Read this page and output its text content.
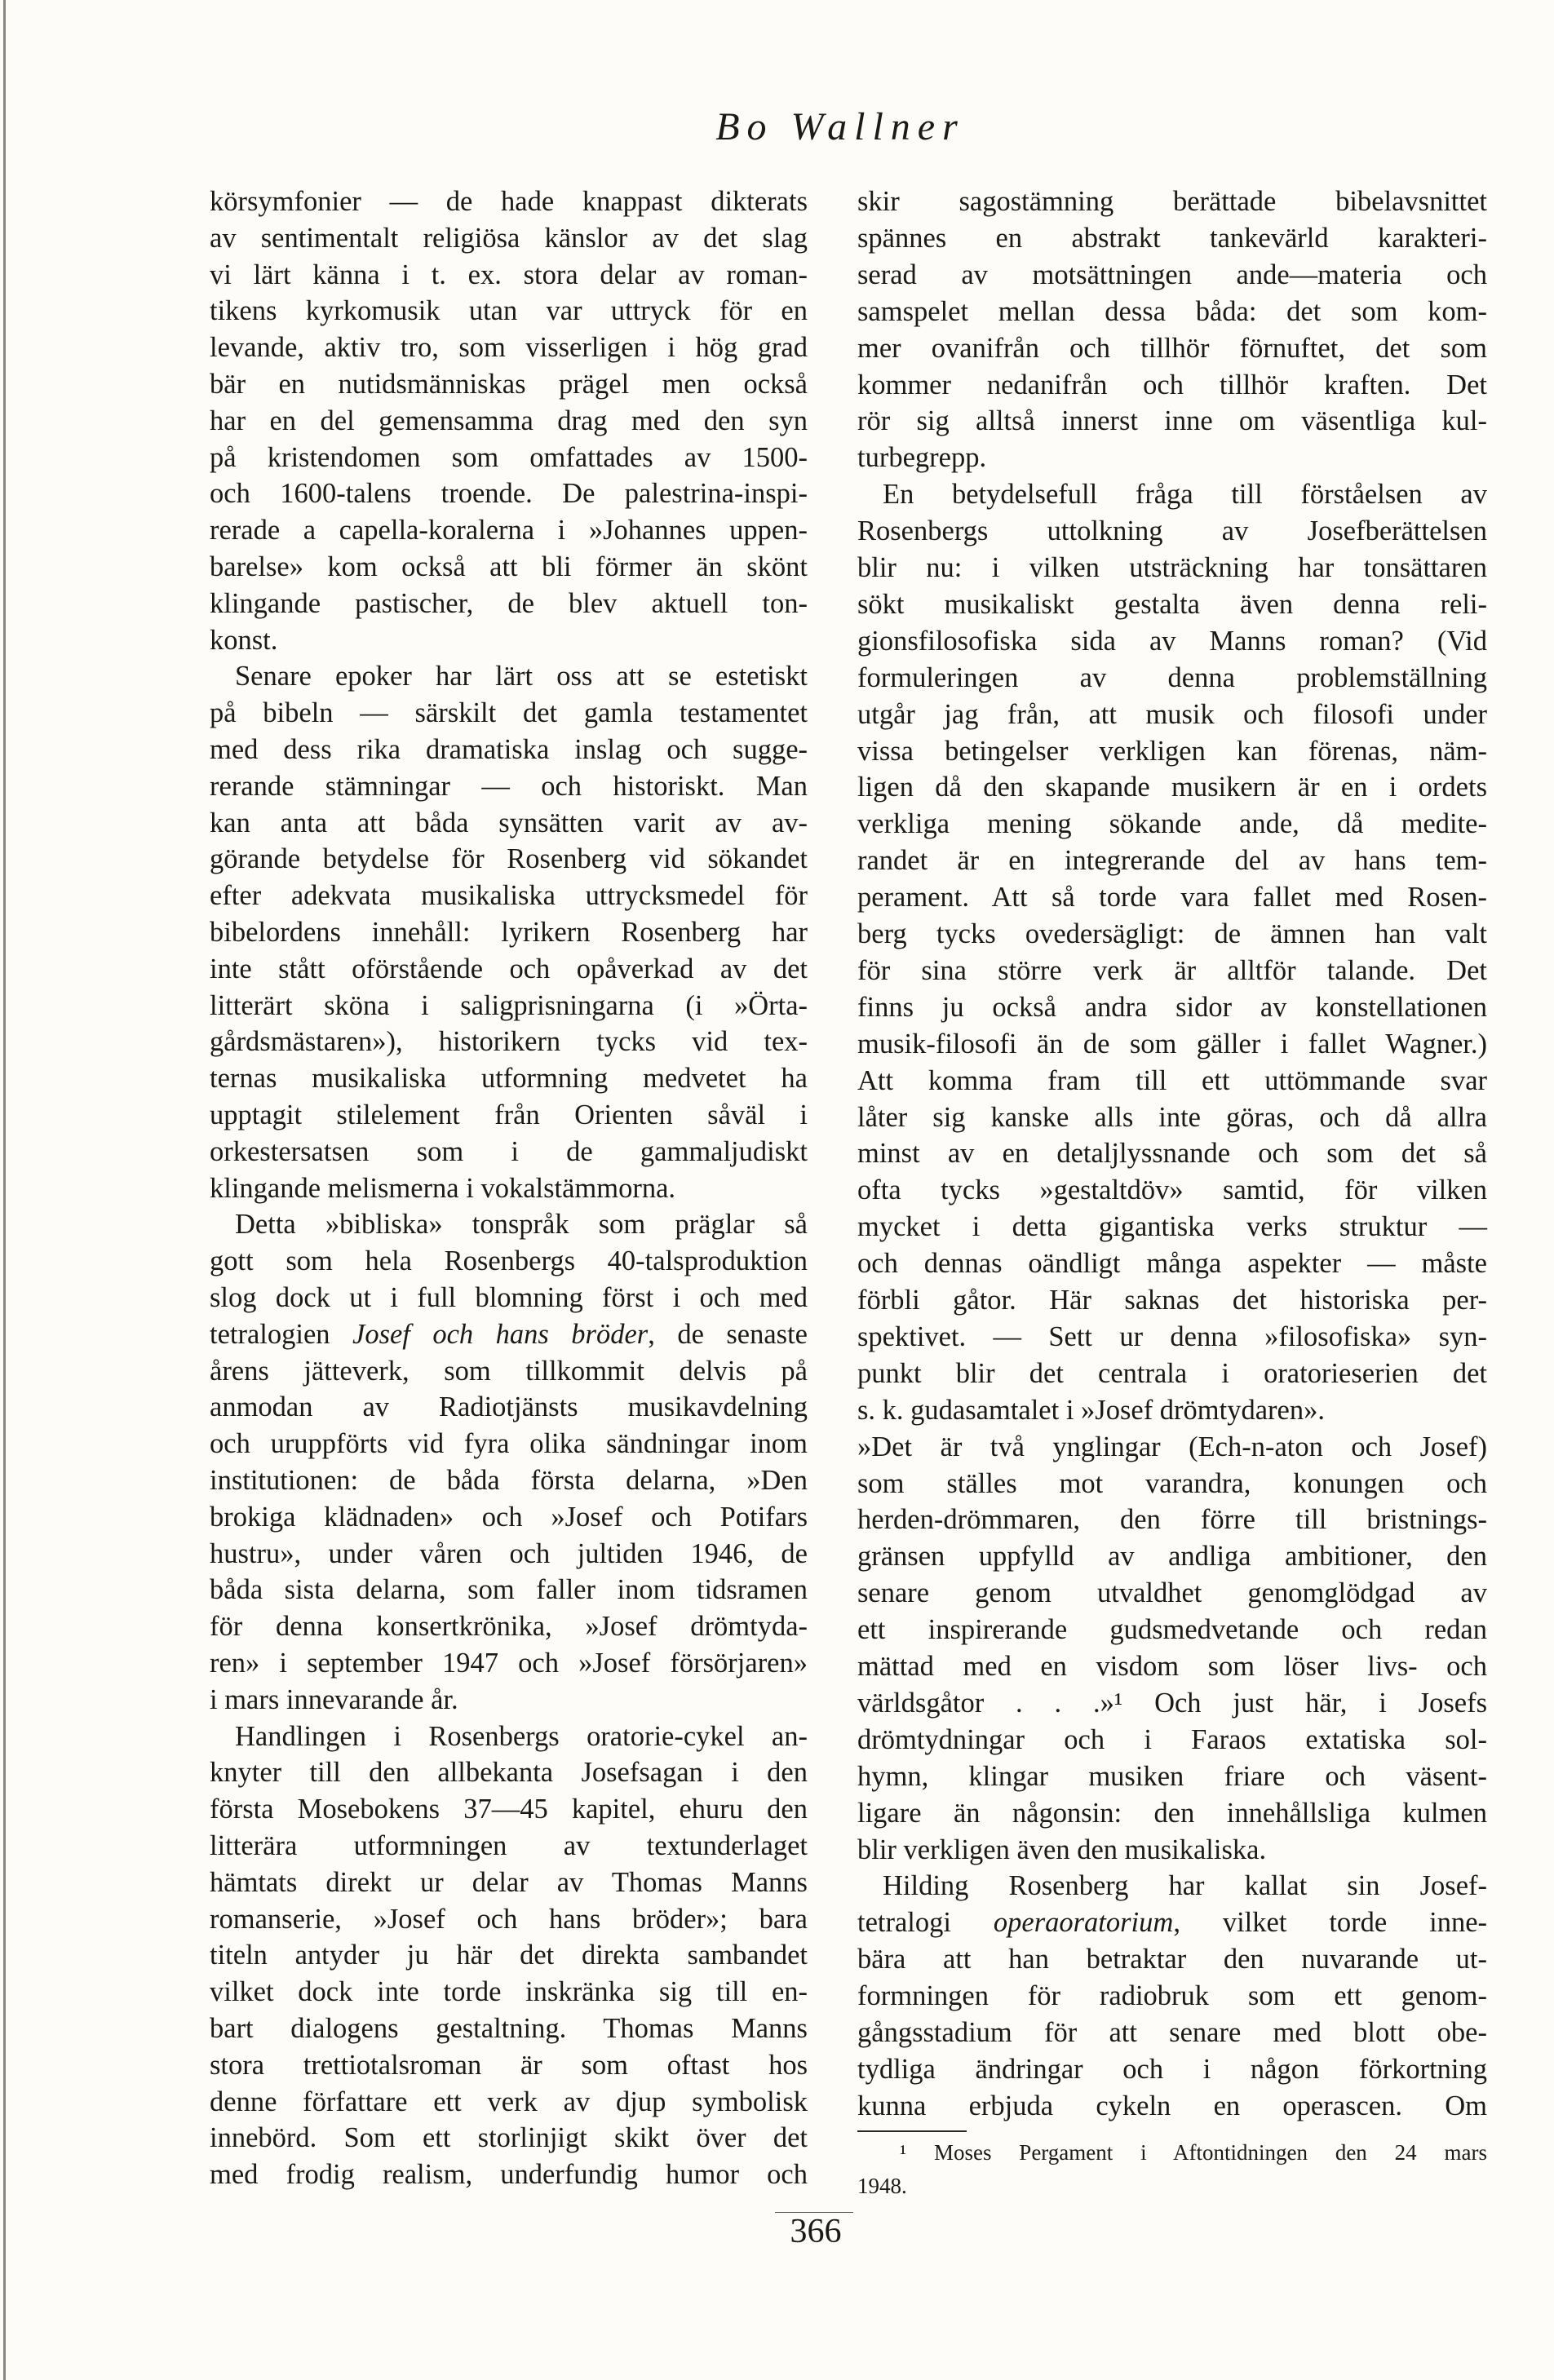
Bo Wallner
körsymfonier — de hade knappast dikterats
av sentimentalt religiösa känslor av det slag
vi lärt känna i t. ex. stora delar av roman-
tikens kyrkomusik utan var uttryck för en
levande, aktiv tro, som visserligen i hög grad
bär en nutidsmänniskas prägel men också
har en del gemensamma drag med den syn
på kristendomen som omfattades av 1500-
och 1600-talens troende. De palestrina-inspi-
rerade a capella-koralerna i »Johannes uppen-
barelse» kom också att bli förmer än skönt
klingande pastischer, de blev aktuell ton-
konst.
Senare epoker har lärt oss att se estetiskt
på bibeln — särskilt det gamla testamentet
med dess rika dramatiska inslag och sugge-
rerande stämningar — och historiskt. Man
kan anta att båda synsätten varit av av-
görande betydelse för Rosenberg vid sökandet
efter adekvata musikaliska uttrycksmedel för
bibelordens innehåll: lyrikern Rosenberg har
inte stått oförstående och opåverkad av det
litterärt sköna i saligprisningarna (i »Örta-
gårdsmästaren»), historikern tycks vid tex-
ternas musikaliska utformning medvetet ha
upptagit stilelement från Orienten såväl i
orkestersatsen som i de gammaljudiskt
klingande melismerna i vokalstämmorna.
Detta »bibliska» tonspråk som präglar så
gott som hela Rosenbergs 40-talsproduktion
slog dock ut i full blomning först i och med
tetralogien Josef och hans bröder, de senaste
årens jätteverk, som tillkommit delvis på
anmodan av Radiotjänsts musikavdelning
och uruppförts vid fyra olika sändningar inom
institutionen: de båda första delarna, »Den
brokiga klädnaden» och »Josef och Potifars
hustru», under våren och jultiden 1946, de
båda sista delarna, som faller inom tidsramen
för denna konsertkrönika, »Josef drömtyda-
ren» i september 1947 och »Josef försörjaren»
i mars innevarande år.
Handlingen i Rosenbergs oratorie-cykel an-
knyter till den allbekanta Josefsagan i den
första Mosebokens 37—45 kapitel, ehuru den
litterära utformningen av textunderlaget
hämtats direkt ur delar av Thomas Manns
romanserie, »Josef och hans bröder»; bara
titeln antyder ju här det direkta sambandet
vilket dock inte torde inskränka sig till en-
bart dialogens gestaltning. Thomas Manns
stora trettiotalsroman är som oftast hos
denne författare ett verk av djup symbolisk
innebörd. Som ett storlinjigt skikt över det
med frodig realism, underfundig humor och
skir sagostämning berättade bibelavsnittet
spännes en abstrakt tankevärld karakteri-
serad av motsättningen ande—materia och
samspelet mellan dessa båda: det som kom-
mer ovanifrån och tillhör förnuftet, det som
kommer nedanifrån och tillhör kraften. Det
rör sig alltså innerst inne om väsentliga kul-
turbegrepp.
En betydelsefull fråga till förståelsen av
Rosenbergs uttolkning av Josefberättelsen
blir nu: i vilken utsträckning har tonsättaren
sökt musikaliskt gestalta även denna reli-
gionsfilosofiska sida av Manns roman? (Vid
formuleringen av denna problemställning
utgår jag från, att musik och filosofi under
vissa betingelser verkligen kan förenas, näm-
ligen då den skapande musikern är en i ordets
verkliga mening sökande ande, då medite-
randet är en integrerande del av hans tem-
perament. Att så torde vara fallet med Rosen-
berg tycks ovedersägligt: de ämnen han valt
för sina större verk är alltför talande. Det
finns ju också andra sidor av konstellationen
musik-filosofi än de som gäller i fallet Wagner.)
Att komma fram till ett uttömmande svar
låter sig kanske alls inte göras, och då allra
minst av en detaljlyssnande och som det så
ofta tycks »gestaltdöv» samtid, för vilken
mycket i detta gigantiska verks struktur —
och dennas oändligt många aspekter — måste
förbli gåtor. Här saknas det historiska per-
spektivet. — Sett ur denna »filosofiska» syn-
punkt blir det centrala i oratorieserien det
s. k. gudasamtalet i »Josef drömtydaren».
»Det är två ynglingar (Ech-n-aton och Josef)
som ställes mot varandra, konungen och
herden-drömmaren, den förre till bristnings-
gränsen uppfylld av andliga ambitioner, den
senare genom utvaldhet genomglödgad av
ett inspirerande gudsmedvetande och redan
mättad med en visdom som löser livs- och
världsgåtor . . .»¹ Och just här, i Josefs
drömtydningar och i Faraos extatiska sol-
hymn, klingar musiken friare och väsent-
ligare än någonsin: den innehållsliga kulmen
blir verkligen även den musikaliska.
Hilding Rosenberg har kallat sin Josef-
tetralogi operaoratorium, vilket torde inne-
bära att han betraktar den nuvarande ut-
formningen för radiobruk som ett genom-
gångsstadium för att senare med blott obe-
tydliga ändringar och i någon förkortning
kunna erbjuda cykeln en operascen. Om
¹ Moses Pergament i Aftontidningen den 24 mars
1948.
366
